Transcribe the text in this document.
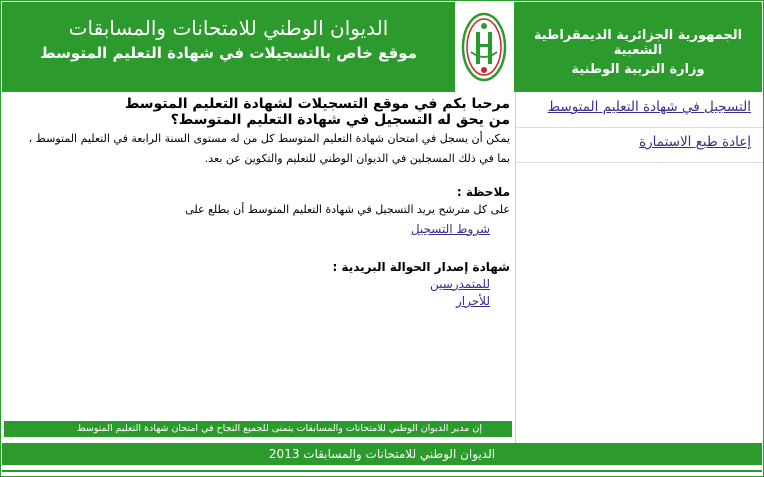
الجمهورية الجزائرية الديمقراطية الشعبية
وزارة التربية الوطنية
الديوان الوطني للامتحانات والمسابقات
موقع خاص بالتسجيلات في شهادة التعليم المتوسط
التسجيل في شهادة التعليم المتوسط
إعادة طبع الاستمارة

مرحبا بكم في موقع التسجيلات لشهادة التعليم المتوسط

من يحق له التسجيل في شهادة التعليم المتوسط؟

يمكن أن يسجل في امتحان شهادة التعليم المتوسط كل من له مستوى السنة الرابعة في التعليم المتوسط ،

بما في ذلك المسجلين في الديوان الوطني للتعليم والتكوين عن بعد.

ملاحظة :

على كل مترشح يريد التسجيل في شهادة التعليم المتوسط أن يطلع على

شروط التسجيل

شهادة إصدار الحوالة البريدية :

للمتمدرسين
للأحرار
إن مدير الديوان الوطني للامتحانات والمسابقات يتمنى للجميع النجاح في امتحان شهادة التعليم المتوسط
الديوان الوطني للامتحانات والمسابقات 2013
